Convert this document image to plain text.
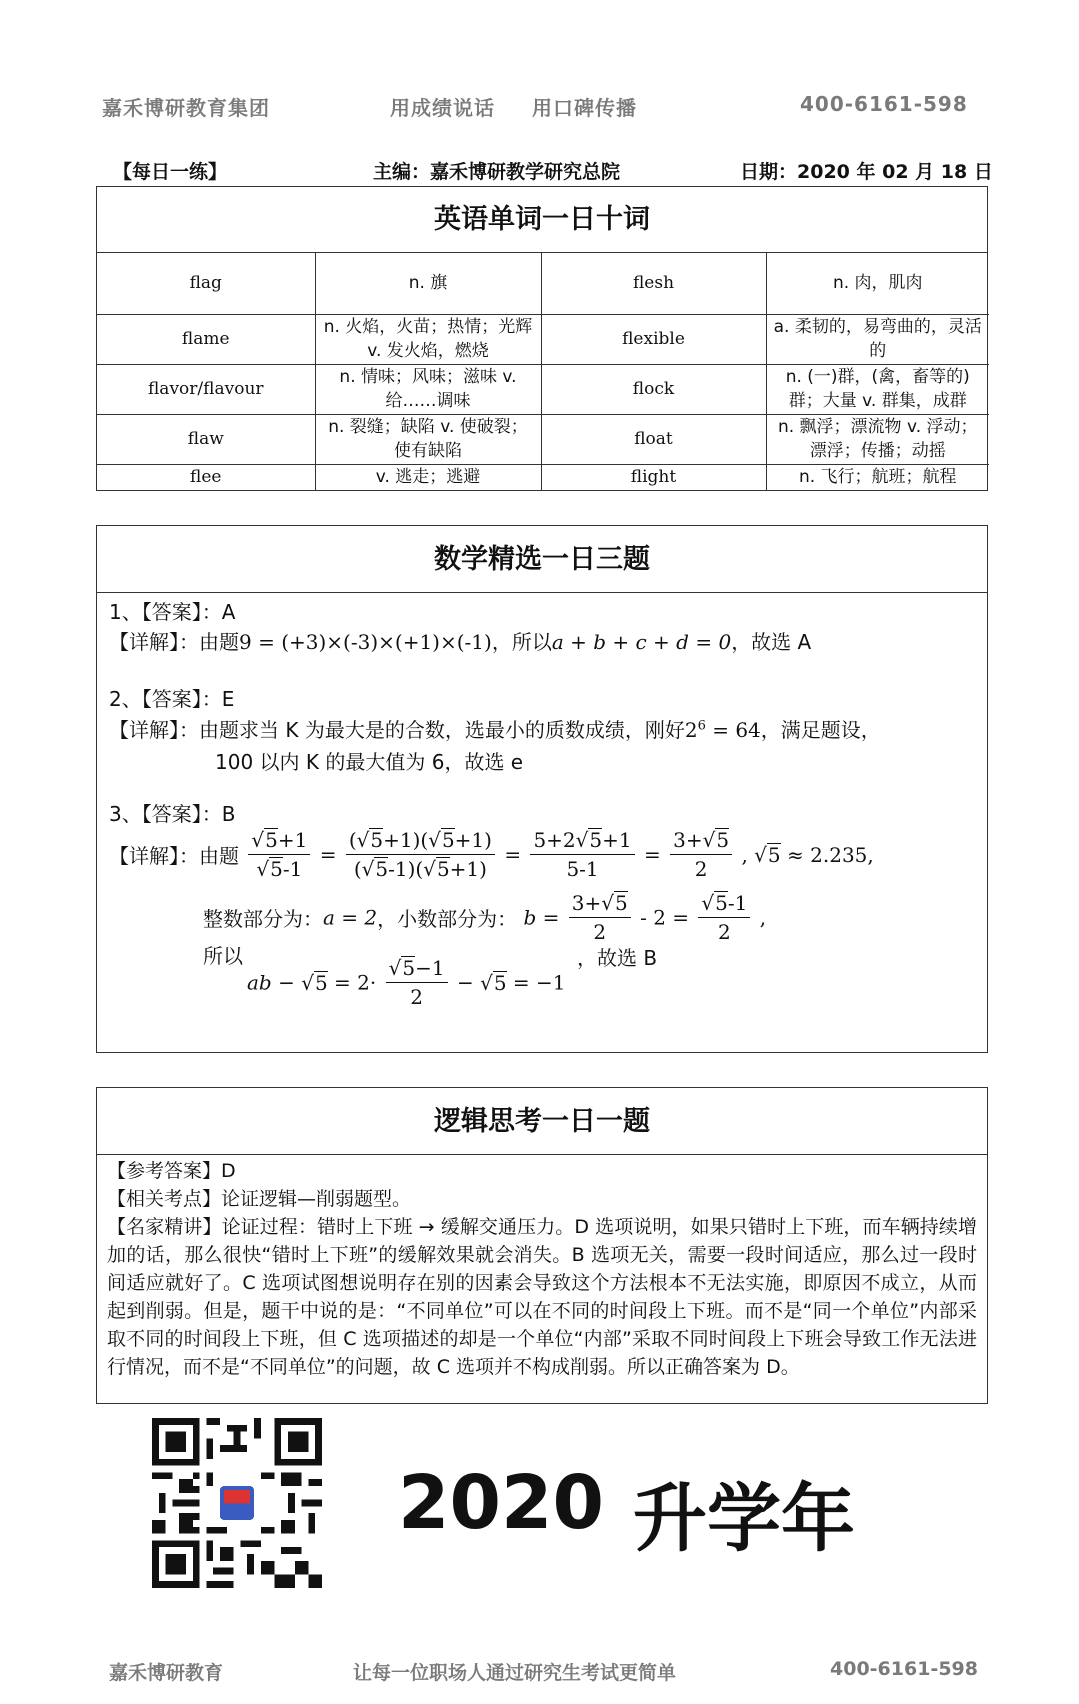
嘉禾博研教育集团	用成绩说话 用口碑传播	400-6161-598
【每日一练】	主编：嘉禾博研教学研究总院	日期：2020 年 02 月 18 日
英语单词一日十词
flag	n. 旗	flesh	n. 肉，肌肉
flame	n. 火焰，火苗；热情；光辉 v. 发火焰，燃烧	flexible	a. 柔韧的，易弯曲的，灵活的
flavor/flavour	n. 情味；风味；滋味 v. 给……调味	flock	n. (一)群，(禽，畜等的)群；大量 v. 群集，成群
flaw	n. 裂缝；缺陷 v. 使破裂；使有缺陷	float	n. 飘浮；漂流物 v. 浮动；漂浮；传播；动摇
flee	v. 逃走；逃避	flight	n. 飞行；航班；航程
数学精选一日三题
1、【答案】：A
【详解】：由题9 = (+3)×(-3)×(+1)×(-1)，所以a + b + c + d = 0，故选 A
2、【答案】：E
【详解】：由题求当 K 为最大是的合数，选最小的质数成绩，刚好$2^6 = 64$，满足题设，
100 以内 K 的最大值为 6，故选 e
3、【答案】：B
【详解】：由题 $\frac{√5+1}{√5-1} = \frac{(√5+1)(√5+1)}{(√5-1)(√5+1)} = \frac{5+2√5+1}{5-1} = \frac{3+√5}{2}$ , √5 ≈ 2.235,
整数部分为：a = 2，小数部分为： $b = \frac{3+√5}{2} - 2 = \frac{√5-1}{2}$ ,
所以
ab − $√5 = 2\cdot \frac{√5-1}{2} - √5 = -1$
，故选 B
逻辑思考一日一题

【参考答案】D

【相关考点】论证逻辑—削弱题型。

【名家精讲】论证过程：错时上下班 → 缓解交通压力。D 选项说明，如果只错时上下班，而车辆持续增加的话，那么很快“错时上下班”的缓解效果就会消失。B 选项无关，需要一段时间适应，那么过一段时间适应就好了。C 选项试图想说明存在别的因素会导致这个方法根本不无法实施，即原因不成立，从而起到削弱。但是，题干中说的是：“不同单位”可以在不同的时间段上下班。而不是“同一个单位”内部采取不同的时间段上下班，但 C 选项描述的却是一个单位“内部”采取不同时间段上下班会导致工作无法进行情况，而不是“不同单位”的问题，故 C 选项并不构成削弱。所以正确答案为 D。

2020 升学年
嘉禾博研教育	让每一位职场人通过研究生考试更简单	400-6161-598
